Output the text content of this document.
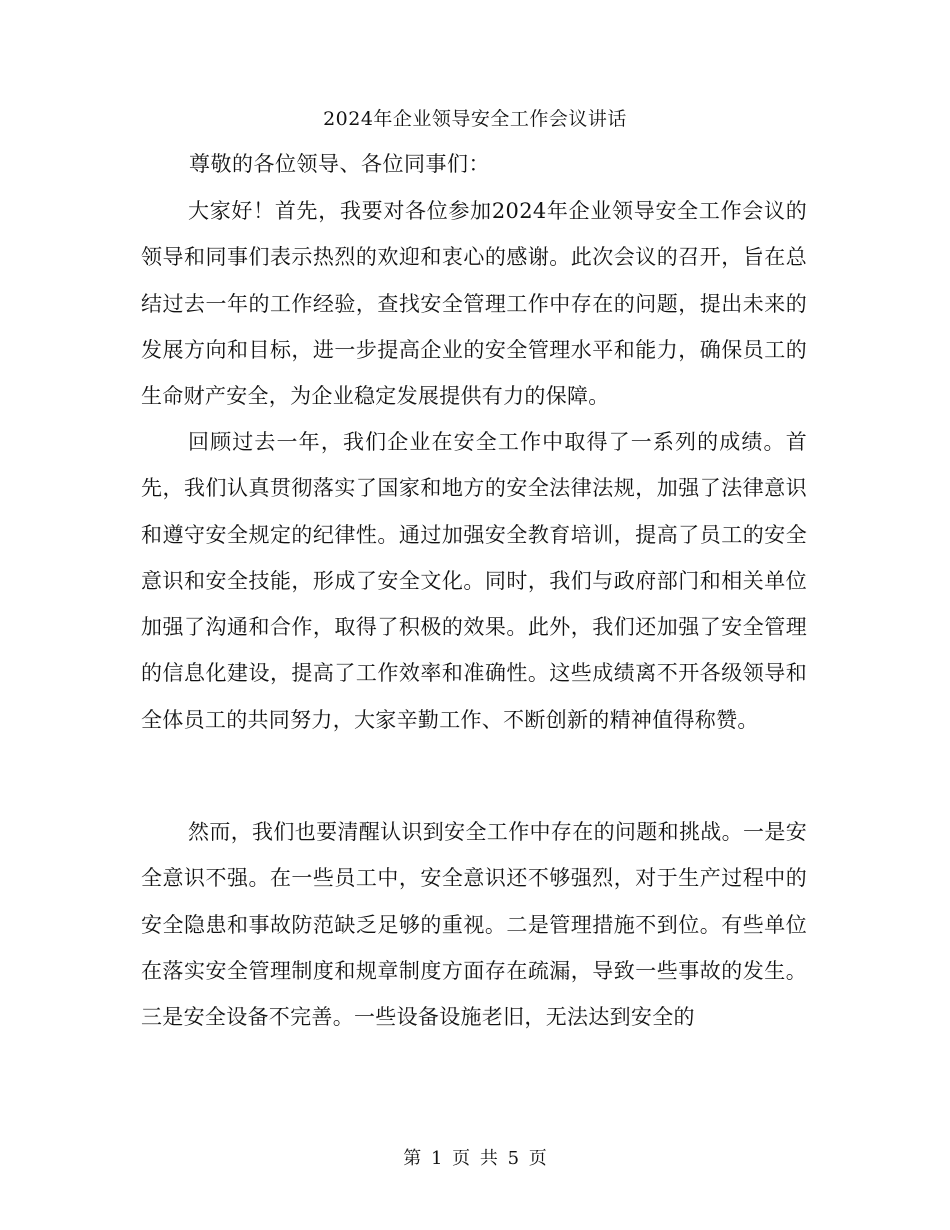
2024年企业领导安全工作会议讲话
尊敬的各位领导、各位同事们：

大家好！首先，我要对各位参加2024年企业领导安全工作会议的领导和同事们表示热烈的欢迎和衷心的感谢。此次会议的召开，旨在总结过去一年的工作经验，查找安全管理工作中存在的问题，提出未来的发展方向和目标，进一步提高企业的安全管理水平和能力，确保员工的生命财产安全，为企业稳定发展提供有力的保障。

回顾过去一年，我们企业在安全工作中取得了一系列的成绩。首先，我们认真贯彻落实了国家和地方的安全法律法规，加强了法律意识和遵守安全规定的纪律性。通过加强安全教育培训，提高了员工的安全意识和安全技能，形成了安全文化。同时，我们与政府部门和相关单位加强了沟通和合作，取得了积极的效果。此外，我们还加强了安全管理的信息化建设，提高了工作效率和准确性。这些成绩离不开各级领导和全体员工的共同努力，大家辛勤工作、不断创新的精神值得称赞。

然而，我们也要清醒认识到安全工作中存在的问题和挑战。一是安全意识不强。在一些员工中，安全意识还不够强烈，对于生产过程中的安全隐患和事故防范缺乏足够的重视。二是管理措施不到位。有些单位在落实安全管理制度和规章制度方面存在疏漏，导致一些事故的发生。三是安全设备不完善。一些设备设施老旧，无法达到安全的

第 1 页 共 5 页
